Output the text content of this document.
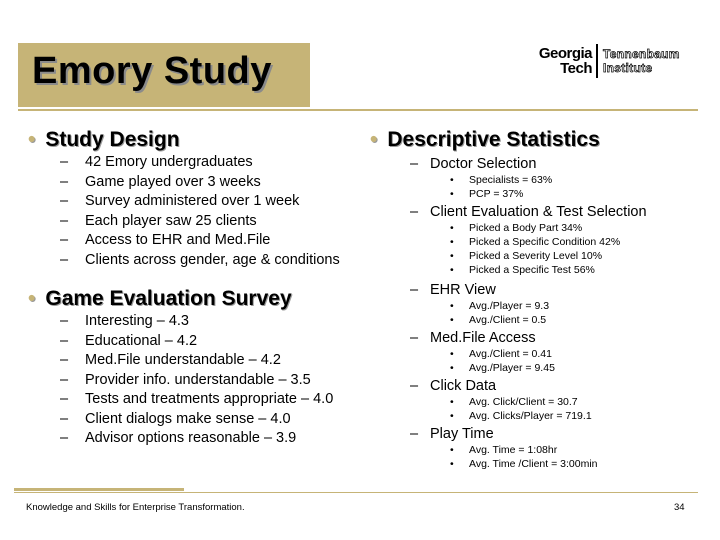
Emory Study	Georgia
Tech
Tennenbaum
Institute
• Study Design
– 42 Emory undergraduates
– Game played over 3 weeks
– Survey administered over 1 week
– Each player saw 25 clients
– Access to EHR and Med.File
– Clients across gender, age & conditions
• Game Evaluation Survey
– Interesting – 4.3
– Educational – 4.2
– Med.File understandable – 4.2
– Provider info. understandable – 3.5
– Tests and treatments appropriate – 4.0
– Client dialogs make sense – 4.0
– Advisor options reasonable – 3.9
• Descriptive Statistics
– Doctor Selection
• Specialists = 63%
• PCP = 37%
– Client Evaluation & Test Selection
• Picked a Body Part 34%
• Picked a Specific Condition 42%
• Picked a Severity Level 10%
• Picked a Specific Test 56%
– EHR View
• Avg./Player = 9.3
• Avg./Client = 0.5
– Med.File Access
• Avg./Client = 0.41
• Avg./Player = 9.45
– Click Data
• Avg. Click/Client = 30.7
• Avg. Clicks/Player = 719.1
– Play Time
• Avg. Time = 1:08hr
• Avg. Time /Client = 3:00min
Knowledge and Skills for Enterprise Transformation.	34
